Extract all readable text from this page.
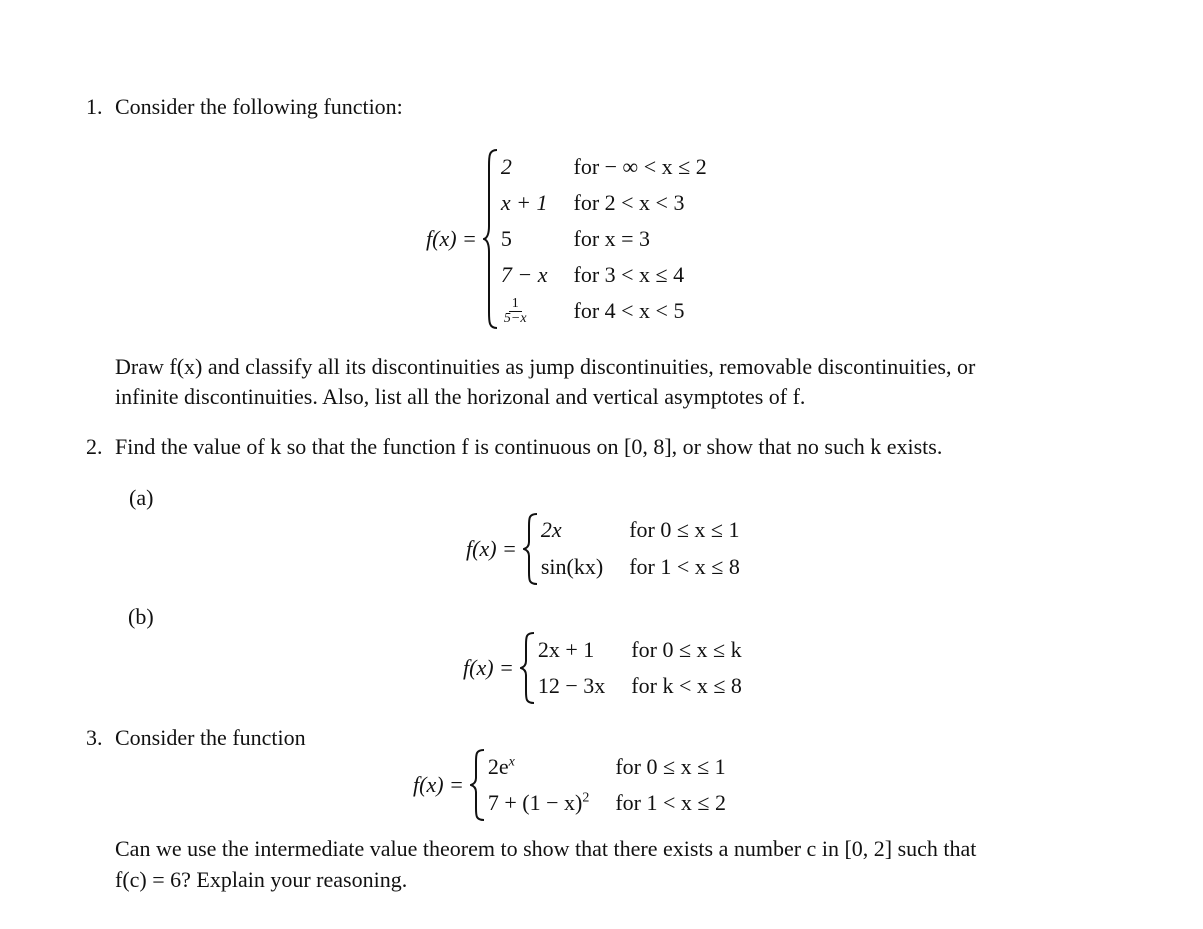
1. Consider the following function:
f(x) =
2	for − ∞ < x ≤ 2
x + 1 for 2 < x < 3
5	for x = 3
7 − x for 3 < x ≤ 4
$\frac{1}{5-x}$ for 4 < x < 5
Draw f(x) and classify all its discontinuities as jump discontinuities, removable discontinuities, or
infinite discontinuities. Also, list all the horizonal and vertical asymptotes of f.
2. Find the value of k so that the function f is continuous on [0, 8], or show that no such k exists.
(a)
f(x) =
2x	for 0 ≤ x ≤ 1
sin(kx) for 1 < x ≤ 8
(b)
f(x) =
2x + 1	for 0 ≤ x ≤ k
12 − 3x for k < x ≤ 8
3. Consider the function
f(x) =
$2e^x$	for 0 ≤ x ≤ 1
$7 + (1 - x)^2$ for 1 < x ≤ 2
Can we use the intermediate value theorem to show that there exists a number c in [0, 2] such that
f(c) = 6? Explain your reasoning.
